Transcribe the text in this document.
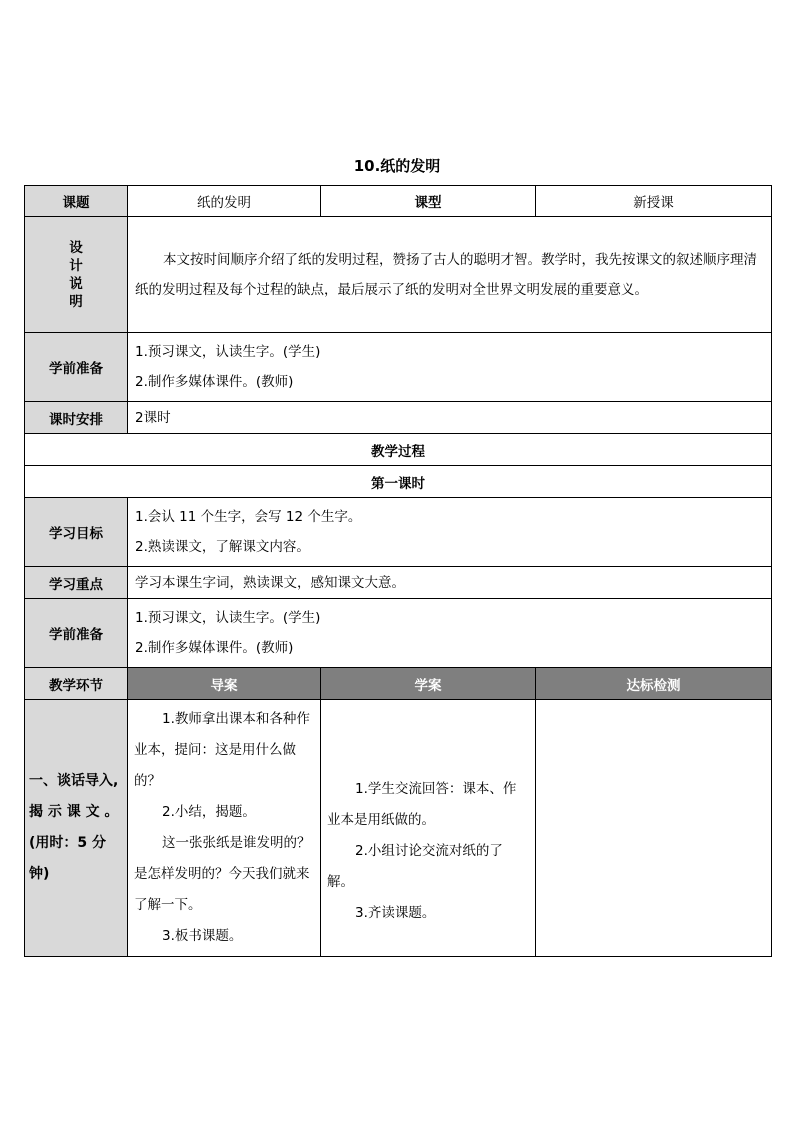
10.纸的发明
课题	纸的发明	课型	新授课

设
计
说
明	本文按时间顺序介绍了纸的发明过程，赞扬了古人的聪明才智。教学时，我先按课文的叙述顺序理清纸的发明过程及每个过程的缺点，最后展示了纸的发明对全世界文明发展的重要意义。		
学前准备	1.预习课文，认读生字。(学生)
2.制作多媒体课件。(教师)		

课时安排	2课时		
教学过程			
第一课时			
学习目标	1.会认 11 个生字，会写 12 个生字。
2.熟读课文，了解课文内容。		

学习重点	学习本课生字词，熟读课文，感知课文大意。		
学前准备	1.预习课文，认读生字。(学生)
2.制作多媒体课件。(教师)		

教学环节	导案	学案	达标检测

一、谈话导入,
揭 示 课 文 。
(用时：5 分
钟)	1.教师拿出课本和各种作业本，提问：这是用什么做的？
2.小结，揭题。
这一张张纸是谁发明的？是怎样发明的？今天我们就来了解一下。
3.板书课题。	1.学生交流回答：课本、作业本是用纸做的。
2.小组讨论交流对纸的了解。
3.齐读课题。	
